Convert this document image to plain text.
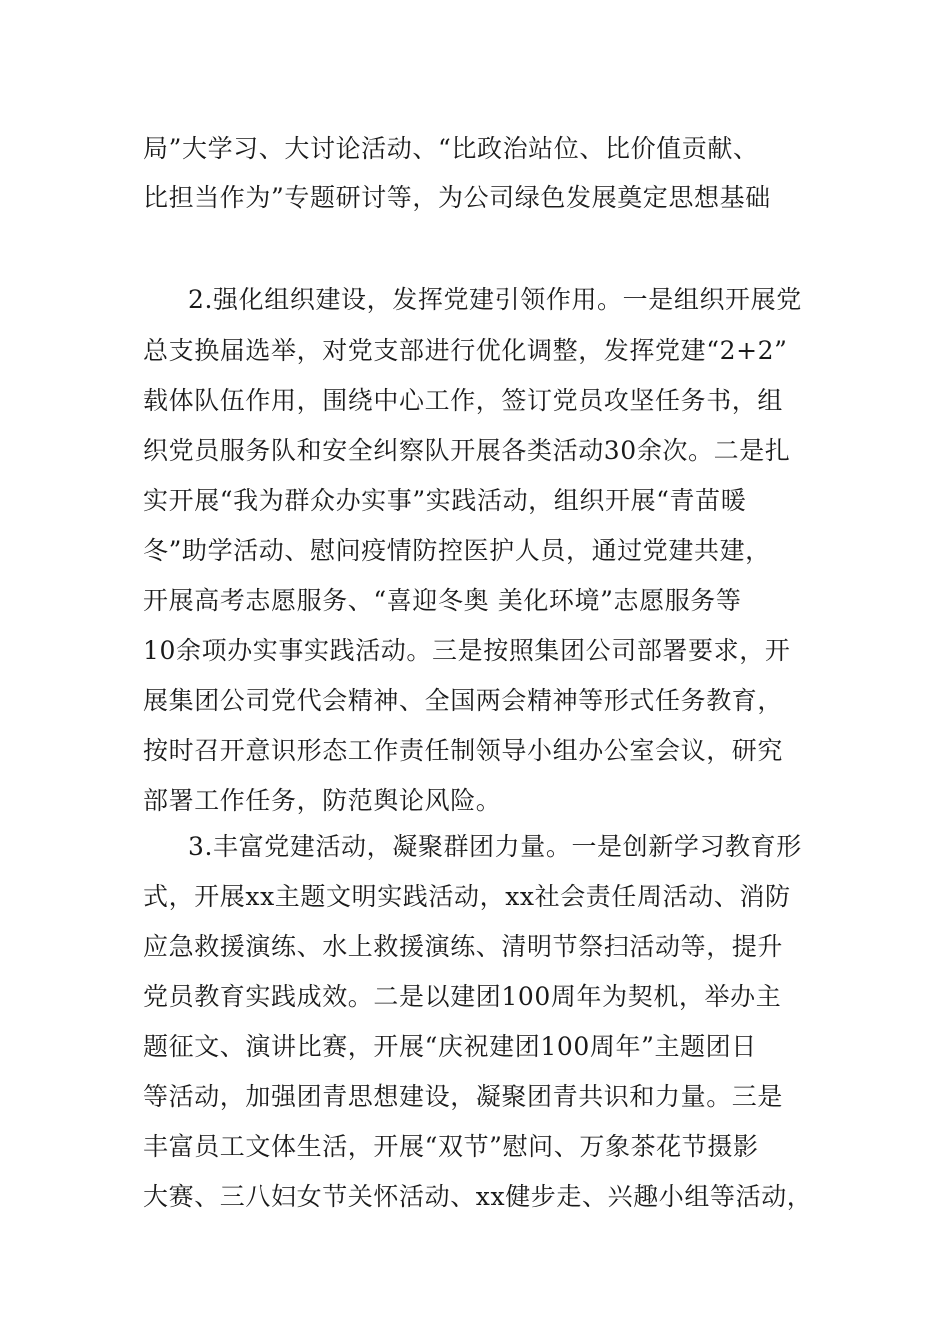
局”大学习、大讨论活动、“比政治站位、比价值贡献、
比担当作为”专题研讨等，为公司绿色发展奠定思想基础
2.强化组织建设，发挥党建引领作用。一是组织开展党
总支换届选举，对党支部进行优化调整，发挥党建“2+2”
载体队伍作用，围绕中心工作，签订党员攻坚任务书，组
织党员服务队和安全纠察队开展各类活动30余次。二是扎
实开展“我为群众办实事”实践活动，组织开展“青苗暖
冬”助学活动、慰问疫情防控医护人员，通过党建共建，
开展高考志愿服务、“喜迎冬奥 美化环境”志愿服务等
10余项办实事实践活动。三是按照集团公司部署要求，开
展集团公司党代会精神、全国两会精神等形式任务教育，
按时召开意识形态工作责任制领导小组办公室会议，研究
部署工作任务，防范舆论风险。
3.丰富党建活动，凝聚群团力量。一是创新学习教育形
式，开展xx主题文明实践活动，xx社会责任周活动、消防
应急救援演练、水上救援演练、清明节祭扫活动等，提升
党员教育实践成效。二是以建团100周年为契机，举办主
题征文、演讲比赛，开展“庆祝建团100周年”主题团日
等活动，加强团青思想建设，凝聚团青共识和力量。三是
丰富员工文体生活，开展“双节”慰问、万象茶花节摄影
大赛、三八妇女节关怀活动、xx健步走、兴趣小组等活动，
